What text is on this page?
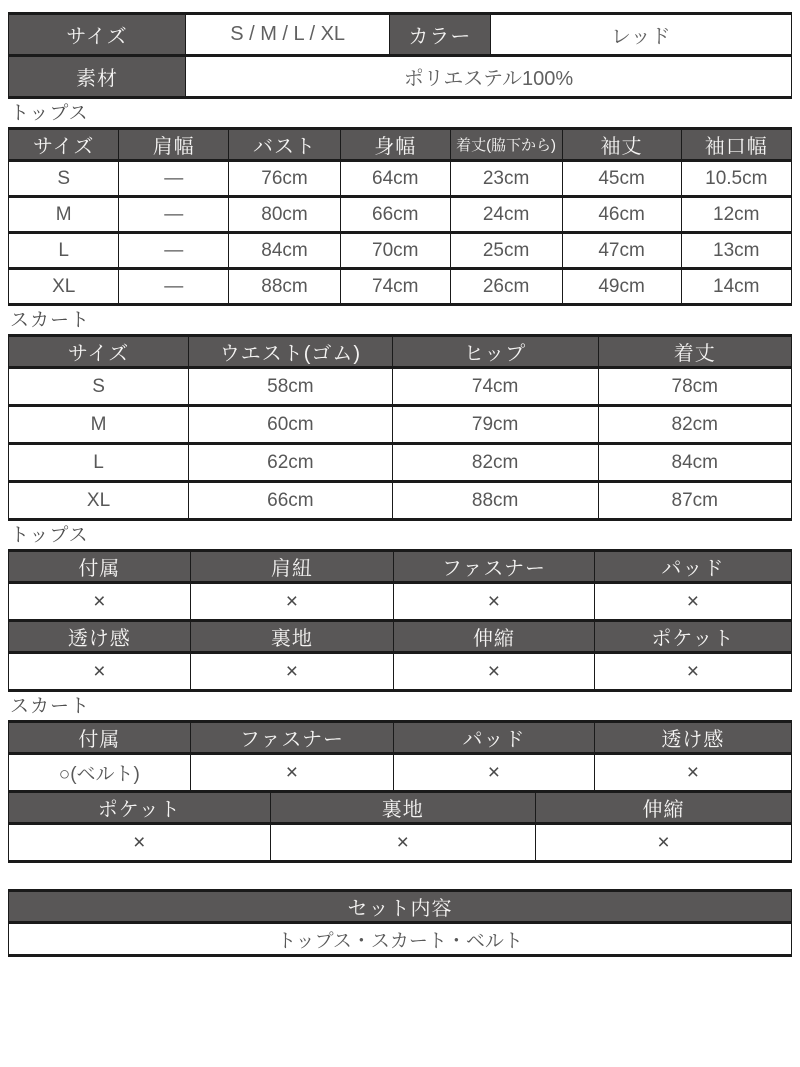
サイズ	S / M / L / XL	カラー	レッド
素材	ポリエステル100%		
トップス
サイズ	肩幅	バスト	身幅	着丈(脇下から)	袖丈	袖口幅
S	—	76cm	64cm	23cm	45cm	10.5cm
M	—	80cm	66cm	24cm	46cm	12cm
L	—	84cm	70cm	25cm	47cm	13cm
XL	—	88cm	74cm	26cm	49cm	14cm
スカート
サイズ	ウエスト(ゴム)	ヒップ	着丈
S	58cm	74cm	78cm
M	60cm	79cm	82cm
L	62cm	82cm	84cm
XL	66cm	88cm	87cm
トップス
付属	肩紐	ファスナー	パッド
×	×	×	×
透け感	裏地	伸縮	ポケット
×	×	×	×
スカート
付属	ファスナー	パッド	透け感
○(ベルト)	×	×	×
ポケット	裏地	伸縮
×	×	×
セット内容
トップス・スカート・ベルト
